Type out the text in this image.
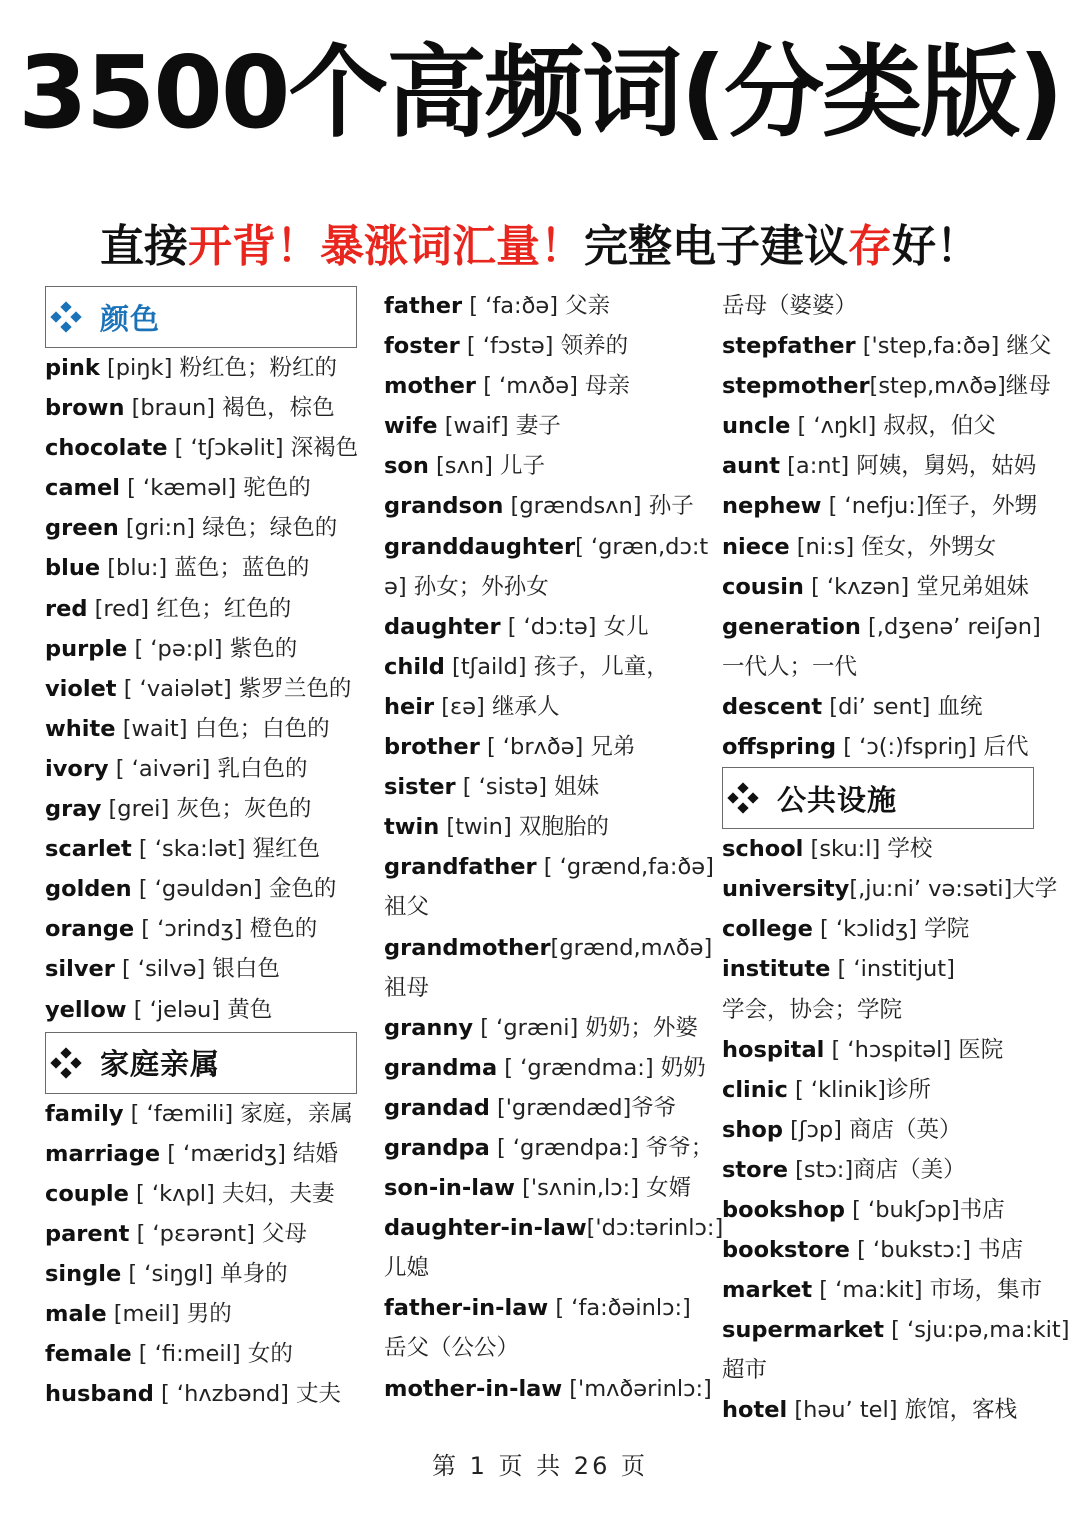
3500个高频词(分类版)
直接开背！暴涨词汇量！完整电子建议存好！
颜色
pink [piŋk] 粉红色；粉红的
brown [braun] 褐色，棕色
chocolate [ ʻtʃɔkəlit] 深褐色
camel [ ʻkæməl] 驼色的
green [gri:n] 绿色；绿色的
blue [blu:] 蓝色；蓝色的
red [red] 红色；红色的
purple [ ʻpə:pl] 紫色的
violet [ ʻvaiələt] 紫罗兰色的
white [wait] 白色；白色的
ivory [ ʻaivəri] 乳白色的
gray [grei] 灰色；灰色的
scarlet [ ʻska:lət] 猩红色
golden [ ʻgəuldən] 金色的
orange [ ʻɔrindʒ] 橙色的
silver [ ʻsilvə] 银白色
yellow [ ʻjeləu] 黄色
家庭亲属
family [ ʻfæmili] 家庭，亲属
marriage [ ʻmæridʒ] 结婚
couple [ ʻkʌpl] 夫妇，夫妻
parent [ ʻpɛərənt] 父母
single [ ʻsiŋgl] 单身的
male [meil] 男的
female [ ʻfi:meil] 女的
husband [ ʻhʌzbənd] 丈夫
father [ ʻfa:ðə] 父亲
foster [ ʻfɔstə] 领养的
mother [ ʻmʌðə] 母亲
wife [waif] 妻子
son [sʌn] 儿子
grandson [grændsʌn] 孙子
granddaughter[ ʻgræn,dɔ:t
ə] 孙女；外孙女
daughter [ ʻdɔ:tə] 女儿
child [tʃaild] 孩子，儿童，
heir [ɛə] 继承人
brother [ ʻbrʌðə] 兄弟
sister [ ʻsistə] 姐妹
twin [twin] 双胞胎的
grandfather [ ʻgrænd,fa:ðə]
祖父
grandmother[grænd,mʌðə]
祖母
granny [ ʻgræni] 奶奶；外婆
grandma [ ʻgrændma:] 奶奶
grandad ['grændæd]爷爷
grandpa [ ʻgrændpa:] 爷爷；
son-in-law ['sʌnin,lɔ:] 女婿
daughter-in-law['dɔ:tərinlɔ:]
儿媳
father-in-law [ ʻfa:ðəinlɔ:]
岳父（公公）
mother-in-law ['mʌðərinlɔ:]
岳母（婆婆）
stepfather ['step,fa:ðə] 继父
stepmother[step,mʌðə]继母
uncle [ ʻʌŋkl] 叔叔，伯父
aunt [a:nt] 阿姨，舅妈，姑妈
nephew [ ʻnefju:]侄子，外甥
niece [ni:s] 侄女，外甥女
cousin [ ʻkʌzən] 堂兄弟姐妹
generation [,dʒenəʼ reiʃən]
一代人；一代
descent [diʼ sent] 血统
offspring [ ʻɔ(:)fspriŋ] 后代
公共设施
school [sku:l] 学校
university[,ju:niʼ və:səti]大学
college [ ʻkɔlidʒ] 学院
institute [ ʻinstitjut]
学会，协会；学院
hospital [ ʻhɔspitəl] 医院
clinic [ ʻklinik]诊所
shop [ʃɔp] 商店（英）
store [stɔ:]商店（美）
bookshop [ ʻbukʃɔp]书店
bookstore [ ʻbukstɔ:] 书店
market [ ʻma:kit] 市场，集市
supermarket [ ʻsju:pə,ma:kit]
超市
hotel [həuʼ tel] 旅馆，客栈
第 1 页 共 26 页
